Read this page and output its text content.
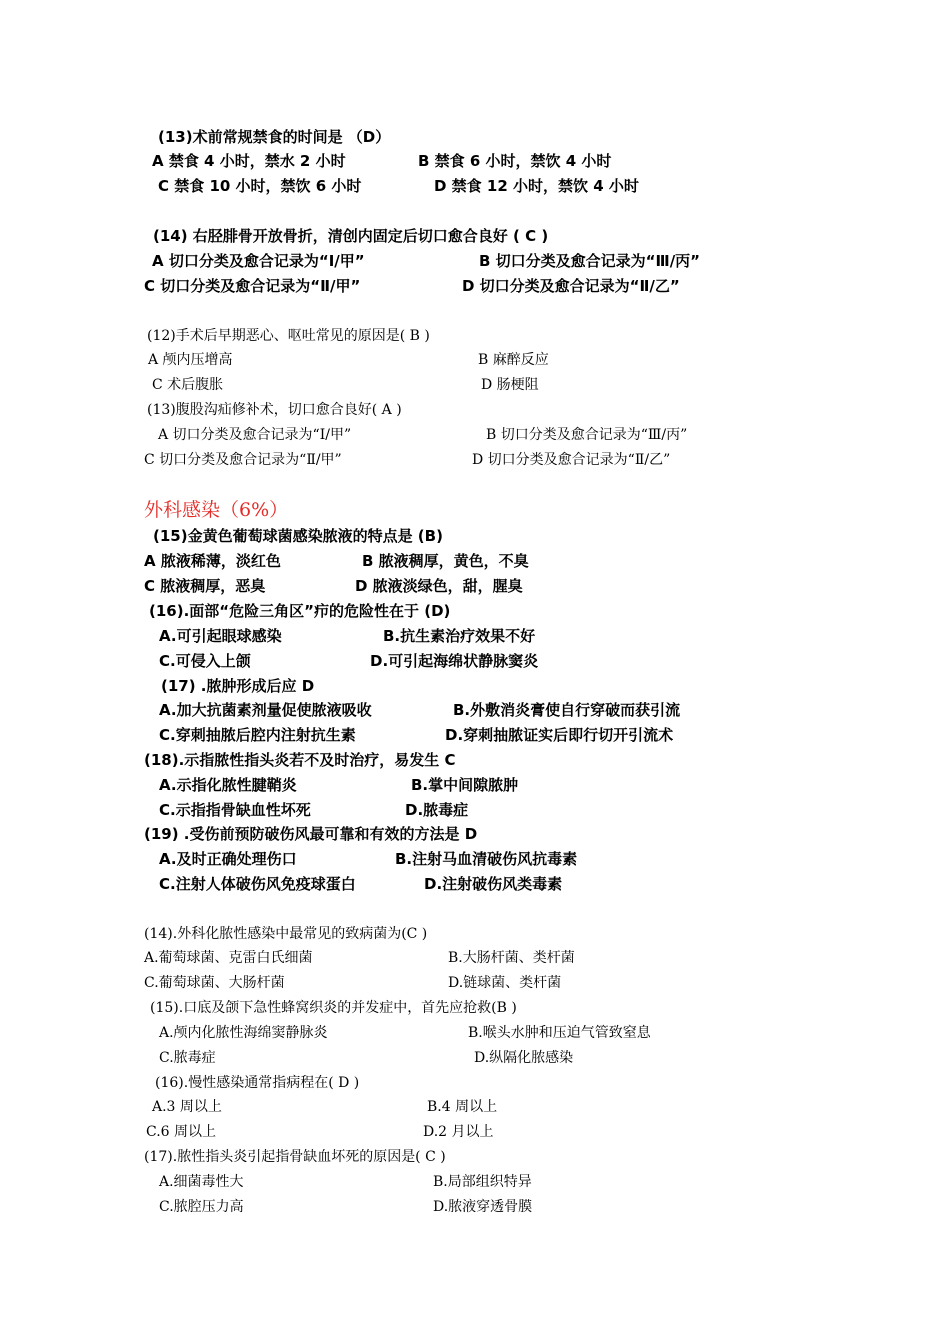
(13)术前常规禁食的时间是 （D）
A 禁食 4 小时，禁水 2 小时	B 禁食 6 小时，禁饮 4 小时
C 禁食 10 小时，禁饮 6 小时	D 禁食 12 小时，禁饮 4 小时
(14) 右胫腓骨开放骨折，清创内固定后切口愈合良好 ( C )
A 切口分类及愈合记录为“Ⅰ/甲”	B 切口分类及愈合记录为“Ⅲ/丙”
C 切口分类及愈合记录为“Ⅱ/甲”	D 切口分类及愈合记录为“Ⅱ/乙”
(12)手术后早期恶心、呕吐常见的原因是( B )
A 颅内压增高	B 麻醉反应
C 术后腹胀	D 肠梗阻
(13)腹股沟疝修补术，切口愈合良好( A )
A 切口分类及愈合记录为“Ⅰ/甲”	B 切口分类及愈合记录为“Ⅲ/丙”
C 切口分类及愈合记录为“Ⅱ/甲”	D 切口分类及愈合记录为“Ⅱ/乙”
外科感染（6%）
(15)金黄色葡萄球菌感染脓液的特点是 (B)
A 脓液稀薄，淡红色	B 脓液稠厚，黄色，不臭
C 脓液稠厚，恶臭	D 脓液淡绿色，甜，腥臭
(16).面部“危险三角区”疖的危险性在于 (D)
A.可引起眼球感染	B.抗生素治疗效果不好
C.可侵入上颌	D.可引起海绵状静脉窦炎
(17) .脓肿形成后应 D
A.加大抗菌素剂量促使脓液吸收	B.外敷消炎膏使自行穿破而获引流
C.穿刺抽脓后腔内注射抗生素	D.穿刺抽脓证实后即行切开引流术
(18).示指脓性指头炎若不及时治疗，易发生 C
A.示指化脓性腱鞘炎	B.掌中间隙脓肿
C.示指指骨缺血性坏死	D.脓毒症
(19) .受伤前预防破伤风最可靠和有效的方法是 D
A.及时正确处理伤口	B.注射马血清破伤风抗毒素
C.注射人体破伤风免疫球蛋白	D.注射破伤风类毒素
(14).外科化脓性感染中最常见的致病菌为(C )
A.葡萄球菌、克雷白氏细菌	B.大肠杆菌、类杆菌
C.葡萄球菌、大肠杆菌	D.链球菌、类杆菌
(15).口底及颌下急性蜂窝织炎的并发症中，首先应抢救(B )
A.颅内化脓性海绵窦静脉炎	B.喉头水肿和压迫气管致窒息
C.脓毒症	D.纵隔化脓感染
(16).慢性感染通常指病程在( D )
A.3 周以上	B.4 周以上
C.6 周以上	D.2 月以上
(17).脓性指头炎引起指骨缺血坏死的原因是( C )
A.细菌毒性大	B.局部组织特异
C.脓腔压力高	D.脓液穿透骨膜
